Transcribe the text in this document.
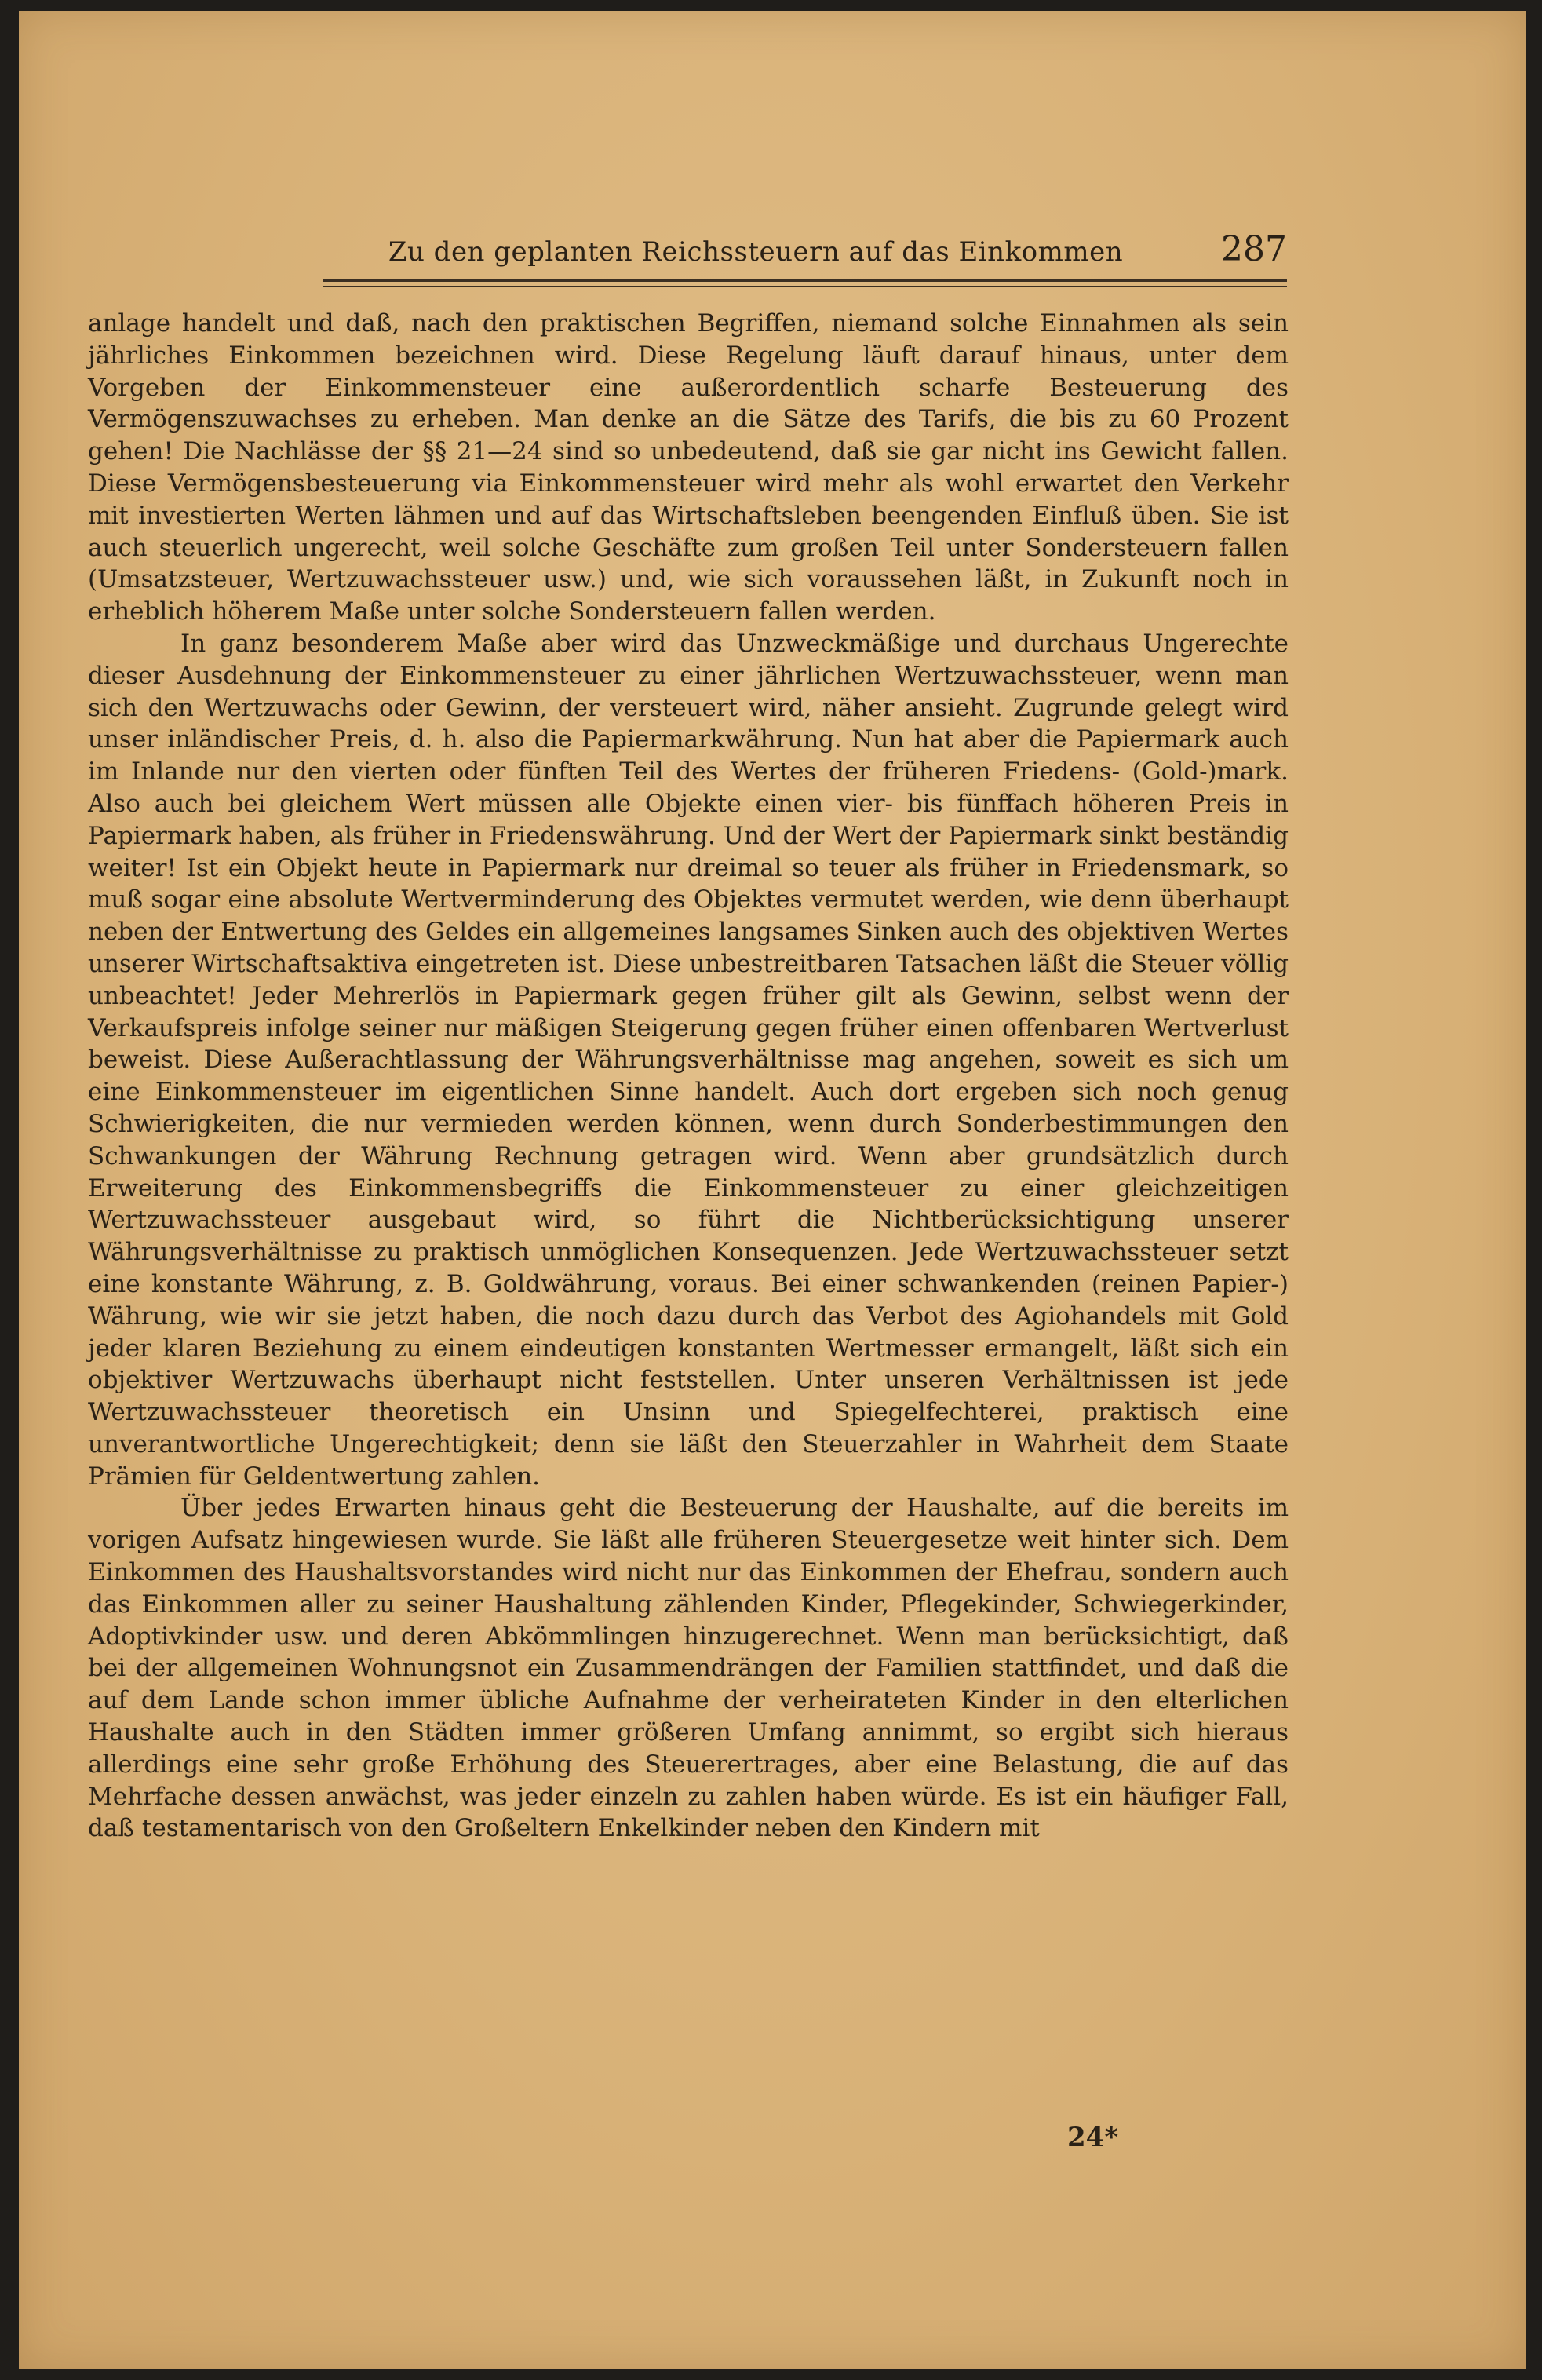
Zu den geplanten Reichssteuern auf das Einkommen	287

anlage handelt und daß, nach den praktischen Begriffen, niemand solche Einnahmen als sein jährliches Einkommen bezeichnen wird. Diese Regelung läuft darauf hinaus, unter dem Vorgeben der Einkommensteuer eine außerordentlich scharfe Besteuerung des Vermögenszuwachses zu erheben. Man denke an die Sätze des Tarifs, die bis zu 60 Prozent gehen! Die Nachlässe der §§ 21—24 sind so unbedeutend, daß sie gar nicht ins Gewicht fallen. Diese Vermögensbesteuerung via Einkommensteuer wird mehr als wohl erwartet den Verkehr mit investierten Werten lähmen und auf das Wirtschaftsleben beengenden Einfluß üben. Sie ist auch steuerlich ungerecht, weil solche Geschäfte zum großen Teil unter Sondersteuern fallen (Umsatzsteuer, Wertzuwachssteuer usw.) und, wie sich voraussehen läßt, in Zukunft noch in erheblich höherem Maße unter solche Sondersteuern fallen werden.

In ganz besonderem Maße aber wird das Unzweckmäßige und durchaus Ungerechte dieser Ausdehnung der Einkommensteuer zu einer jährlichen Wertzuwachssteuer, wenn man sich den Wertzuwachs oder Gewinn, der versteuert wird, näher ansieht. Zugrunde gelegt wird unser inländischer Preis, d. h. also die Papiermarkwährung. Nun hat aber die Papiermark auch im Inlande nur den vierten oder fünften Teil des Wertes der früheren Friedens- (Gold-)mark. Also auch bei gleichem Wert müssen alle Objekte einen vier- bis fünffach höheren Preis in Papiermark haben, als früher in Friedenswährung. Und der Wert der Papiermark sinkt beständig weiter! Ist ein Objekt heute in Papiermark nur dreimal so teuer als früher in Friedensmark, so muß sogar eine absolute Wertverminderung des Objektes vermutet werden, wie denn überhaupt neben der Entwertung des Geldes ein allgemeines langsames Sinken auch des objektiven Wertes unserer Wirtschaftsaktiva eingetreten ist. Diese unbestreitbaren Tatsachen läßt die Steuer völlig unbeachtet! Jeder Mehrerlös in Papiermark gegen früher gilt als Gewinn, selbst wenn der Verkaufspreis infolge seiner nur mäßigen Steigerung gegen früher einen offenbaren Wertverlust beweist. Diese Außerachtlassung der Währungsverhältnisse mag angehen, soweit es sich um eine Einkommensteuer im eigentlichen Sinne handelt. Auch dort ergeben sich noch genug Schwierigkeiten, die nur vermieden werden können, wenn durch Sonderbestimmungen den Schwankungen der Währung Rechnung getragen wird. Wenn aber grundsätzlich durch Erweiterung des Einkommensbegriffs die Einkommensteuer zu einer gleichzeitigen Wertzuwachssteuer ausgebaut wird, so führt die Nichtberücksichtigung unserer Währungsverhältnisse zu praktisch unmöglichen Konsequenzen. Jede Wertzuwachssteuer setzt eine konstante Währung, z. B. Goldwährung, voraus. Bei einer schwankenden (reinen Papier-) Währung, wie wir sie jetzt haben, die noch dazu durch das Verbot des Agiohandels mit Gold jeder klaren Beziehung zu einem eindeutigen konstanten Wertmesser ermangelt, läßt sich ein objektiver Wertzuwachs überhaupt nicht feststellen. Unter unseren Verhältnissen ist jede Wertzuwachssteuer theoretisch ein Unsinn und Spiegelfechterei, praktisch eine unverantwortliche Ungerechtigkeit; denn sie läßt den Steuerzahler in Wahrheit dem Staate Prämien für Geldentwertung zahlen.

Über jedes Erwarten hinaus geht die Besteuerung der Haushalte, auf die bereits im vorigen Aufsatz hingewiesen wurde. Sie läßt alle früheren Steuergesetze weit hinter sich. Dem Einkommen des Haushaltsvorstandes wird nicht nur das Einkommen der Ehefrau, sondern auch das Einkommen aller zu seiner Haushaltung zählenden Kinder, Pflegekinder, Schwiegerkinder, Adoptivkinder usw. und deren Abkömmlingen hinzugerechnet. Wenn man berücksichtigt, daß bei der allgemeinen Wohnungsnot ein Zusammendrängen der Familien stattfindet, und daß die auf dem Lande schon immer übliche Aufnahme der verheirateten Kinder in den elterlichen Haushalte auch in den Städten immer größeren Umfang annimmt, so ergibt sich hieraus allerdings eine sehr große Erhöhung des Steuerertrages, aber eine Belastung, die auf das Mehrfache dessen anwächst, was jeder einzeln zu zahlen haben würde. Es ist ein häufiger Fall, daß testamentarisch von den Großeltern Enkelkinder neben den Kindern mit

24*
